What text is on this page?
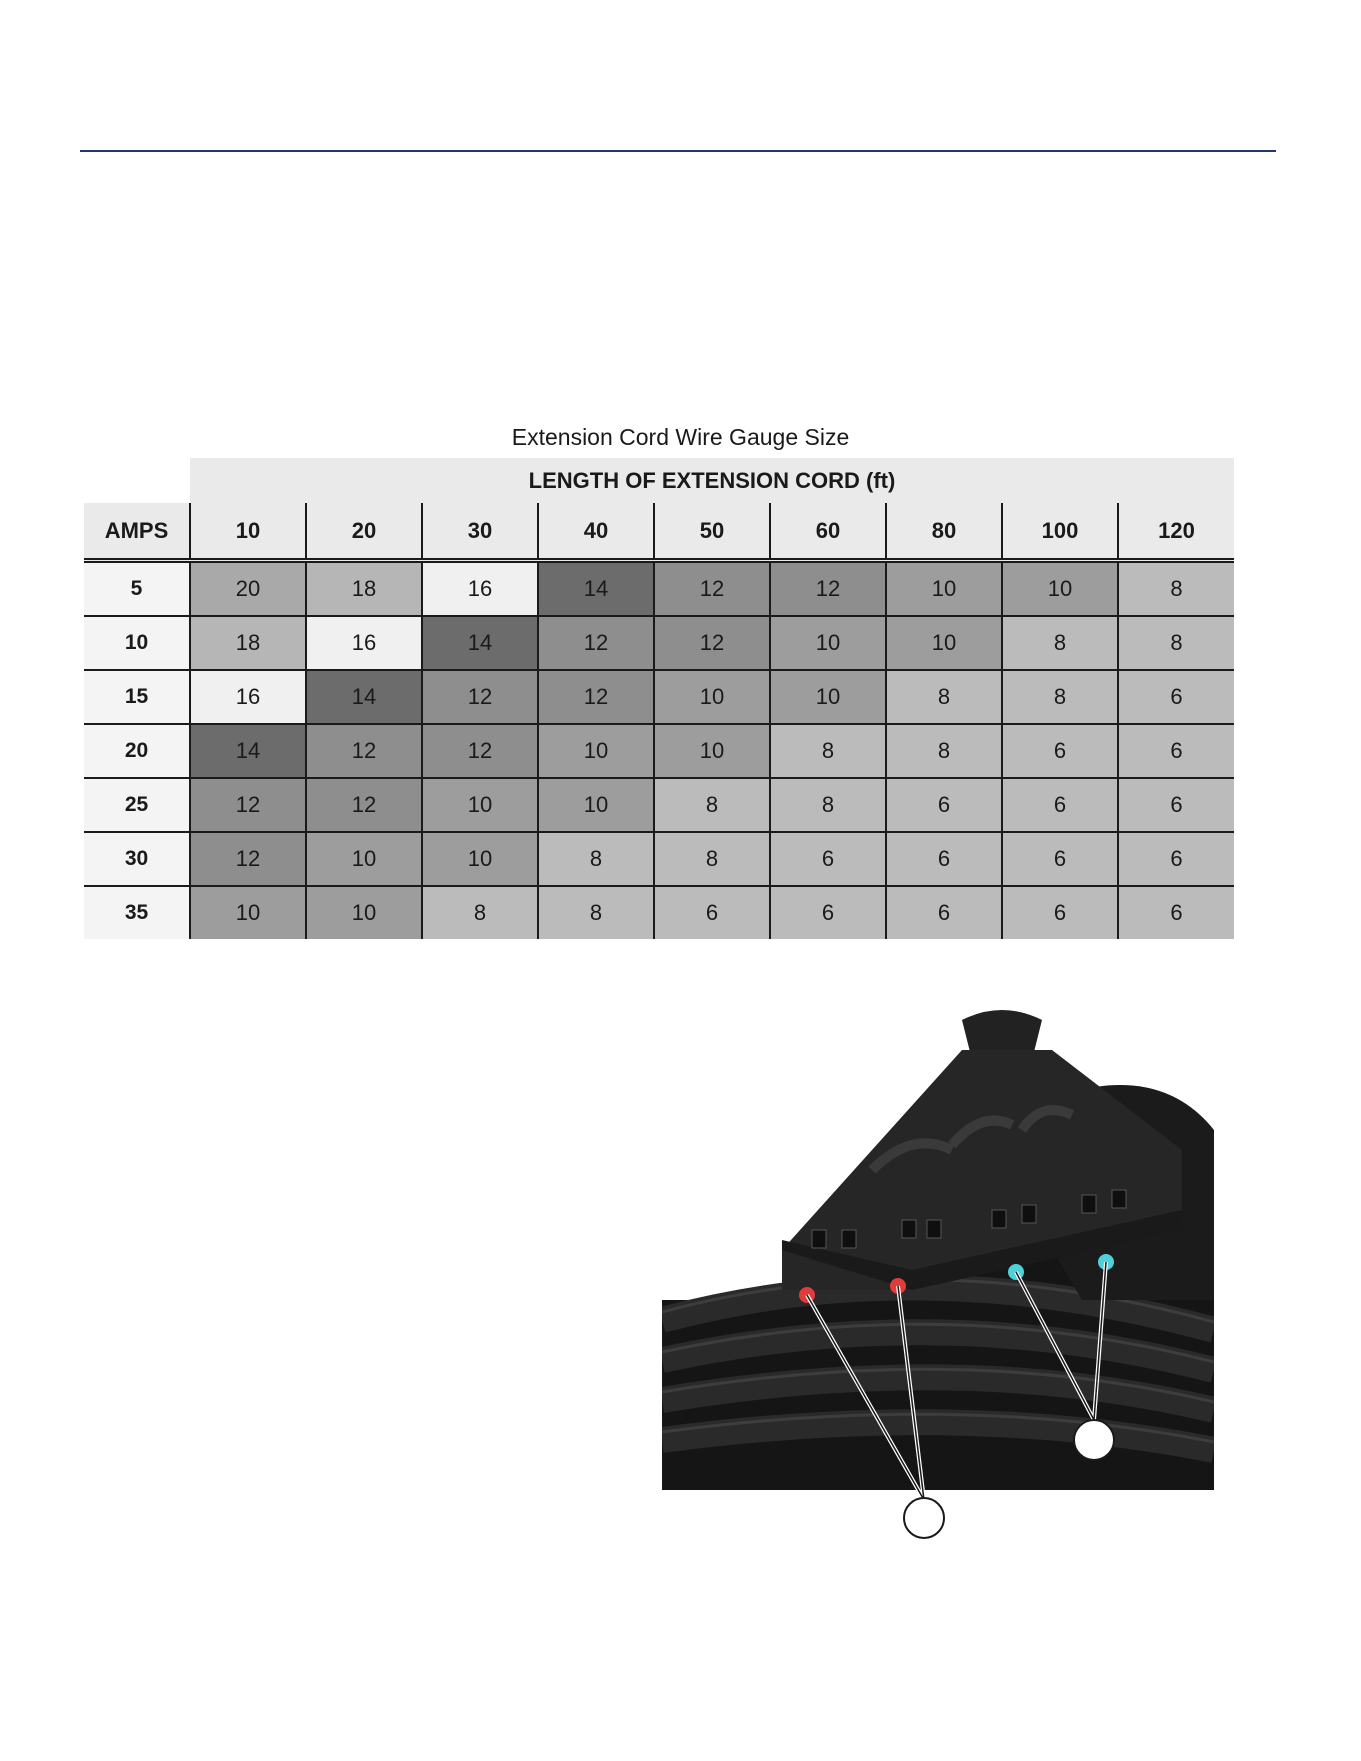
Extension Cord Wire Gauge Size
	LENGTH OF EXTENSION CORD (ft)								
AMPS	10	20	30	40	50	60	80	100	120
5	20	18	16	14	12	12	10	10	8
10	18	16	14	12	12	10	10	8	8
15	16	14	12	12	10	10	8	8	6
20	14	12	12	10	10	8	8	6	6
25	12	12	10	10	8	8	6	6	6
30	12	10	10	8	8	6	6	6	6
35	10	10	8	8	6	6	6	6	6
